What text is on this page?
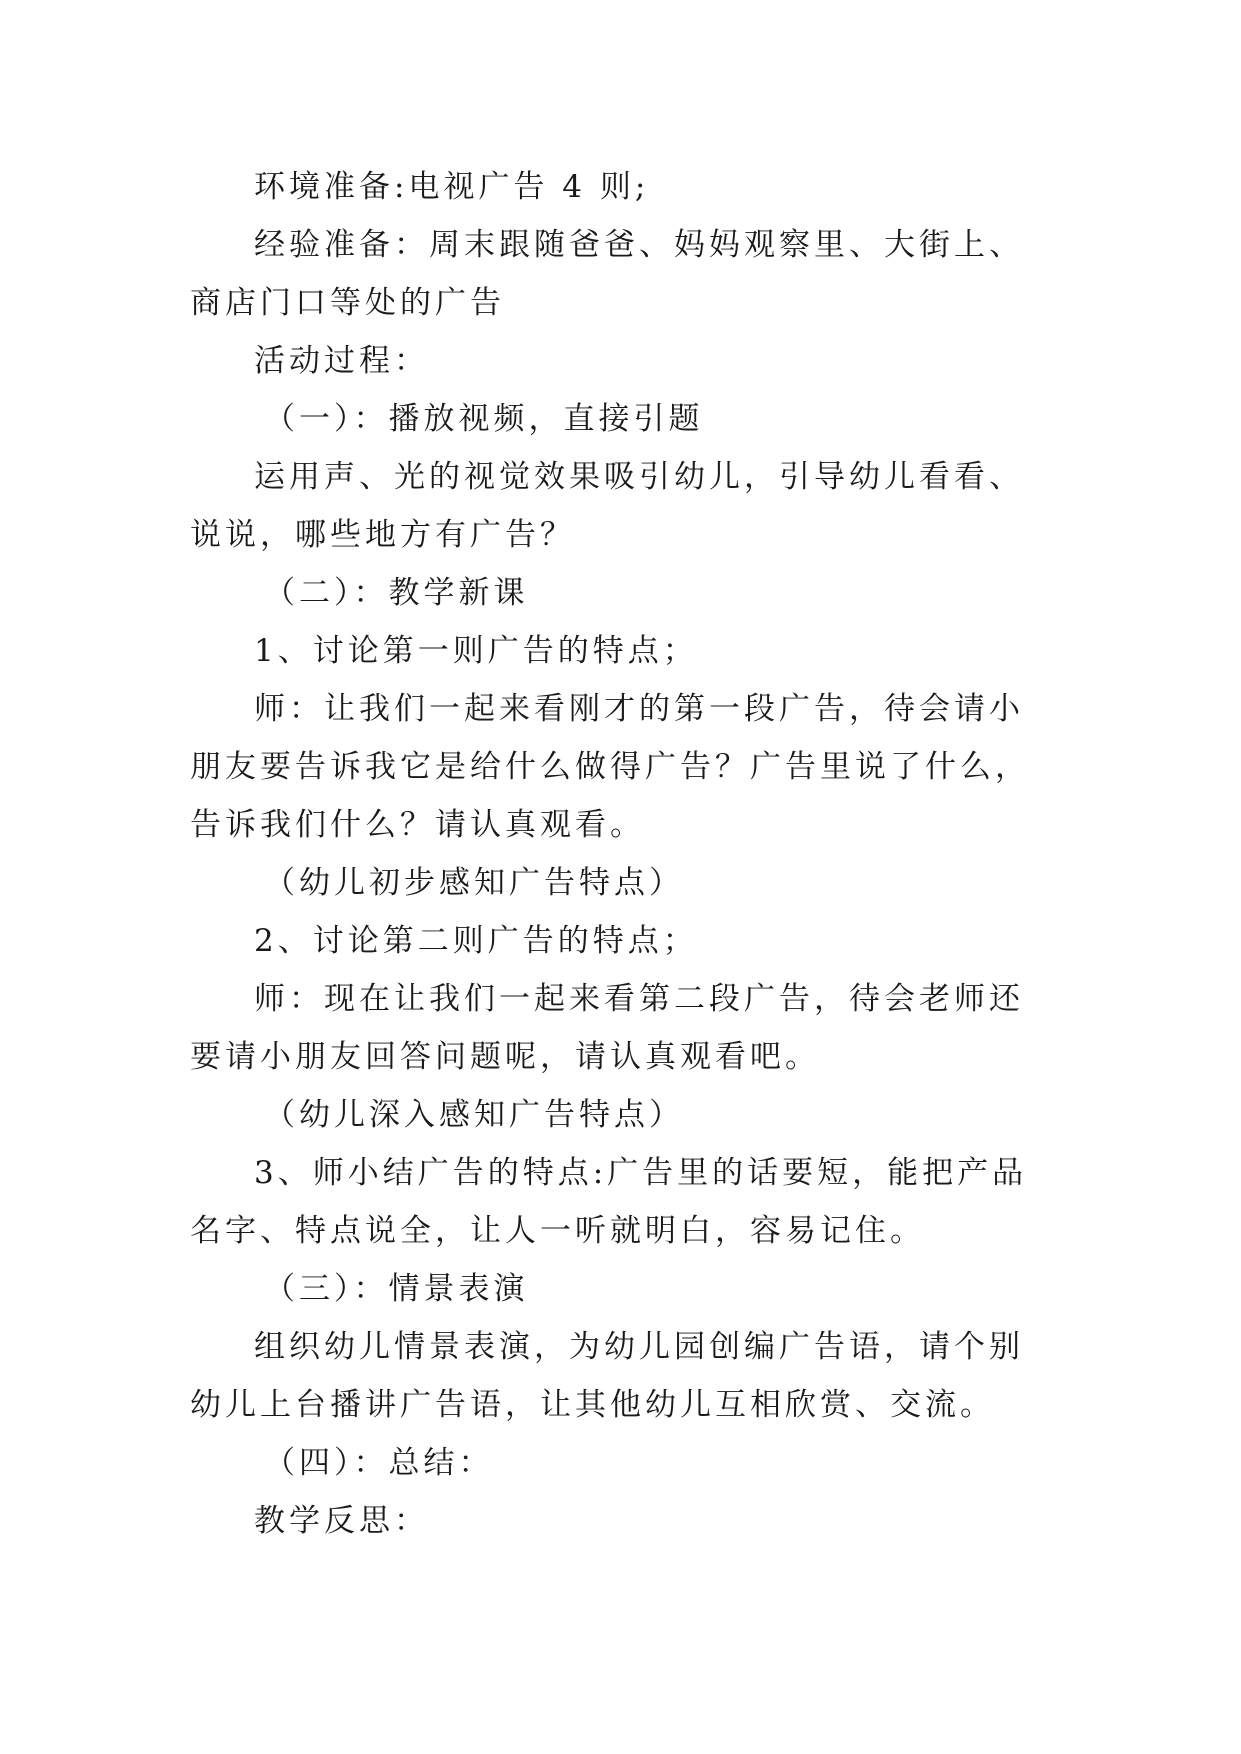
环境准备:电视广告 4 则;

经验准备：周末跟随爸爸、妈妈观察里、大街上、商店门口等处的广告

活动过程：

（一）：播放视频，直接引题

运用声、光的视觉效果吸引幼儿，引导幼儿看看、说说，哪些地方有广告？

（二）：教学新课

1、讨论第一则广告的特点；

师：让我们一起来看刚才的第一段广告，待会请小朋友要告诉我它是给什么做得广告？广告里说了什么，告诉我们什么？请认真观看。

（幼儿初步感知广告特点）

2、讨论第二则广告的特点；

师：现在让我们一起来看第二段广告，待会老师还要请小朋友回答问题呢，请认真观看吧。

（幼儿深入感知广告特点）

3、师小结广告的特点:广告里的话要短，能把产品名字、特点说全，让人一听就明白，容易记住。

（三）：情景表演

组织幼儿情景表演，为幼儿园创编广告语，请个别幼儿上台播讲广告语，让其他幼儿互相欣赏、交流。

（四）：总结：

教学反思：
